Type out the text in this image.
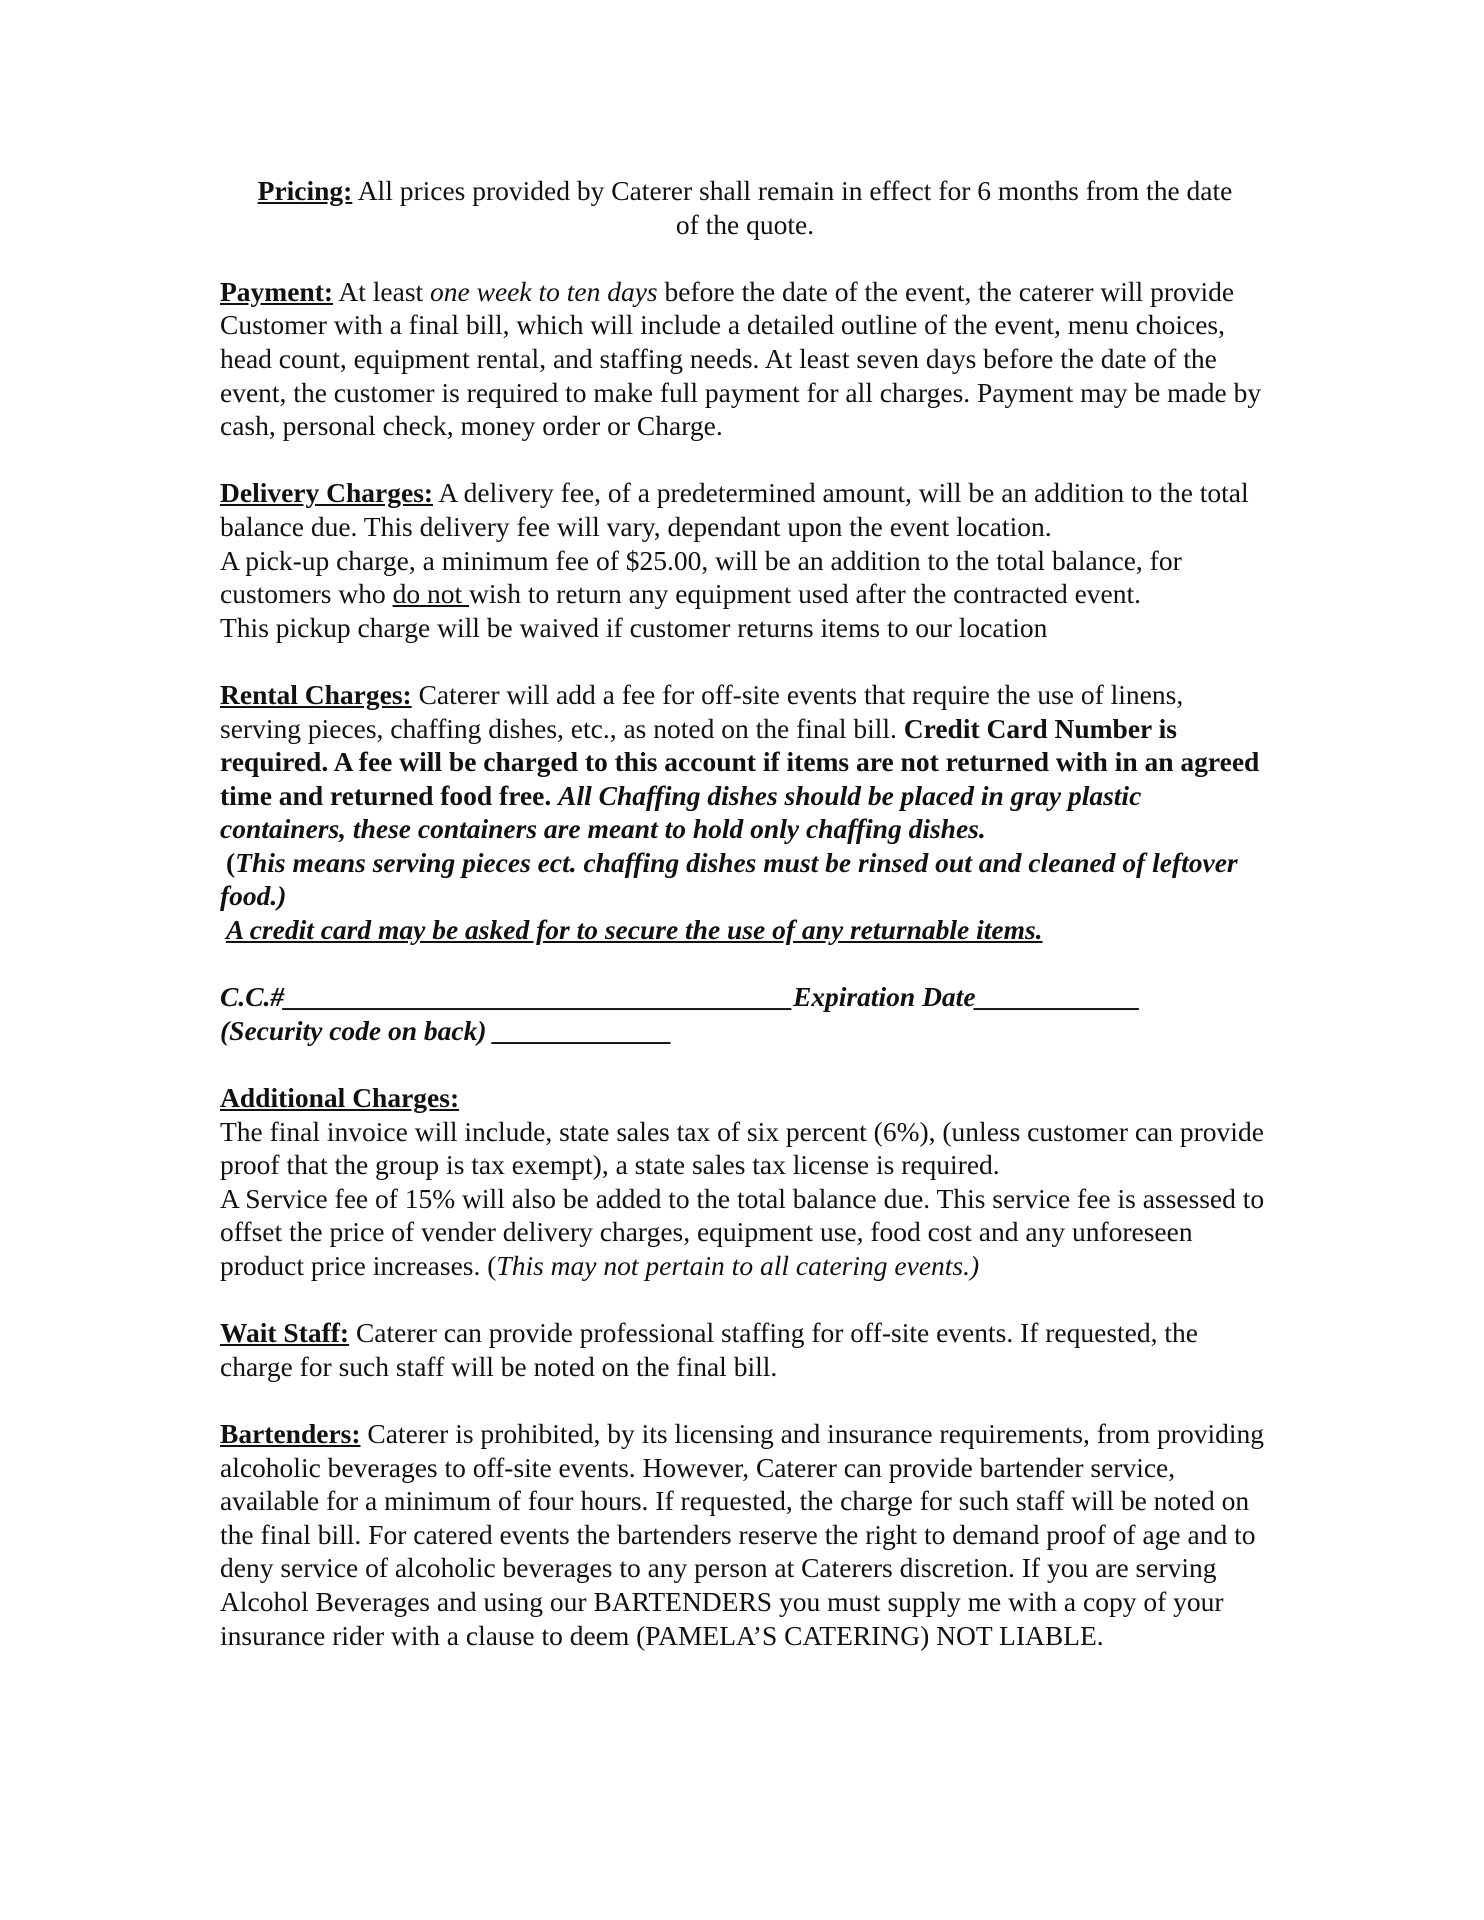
Pricing: All prices provided by Caterer shall remain in effect for 6 months from the date
of the quote.

Payment: At least one week to ten days before the date of the event, the caterer will provide Customer with a final bill, which will include a detailed outline of the event, menu choices, head count, equipment rental, and staffing needs. At least seven days before the date of the event, the customer is required to make full payment for all charges. Payment may be made by cash, personal check, money order or Charge.

Delivery Charges: A delivery fee, of a predetermined amount, will be an addition to the total balance due. This delivery fee will vary, dependant upon the event location.
A pick-up charge, a minimum fee of $25.00, will be an addition to the total balance, for customers who do not wish to return any equipment used after the contracted event.
This pickup charge will be waived if customer returns items to our location

Rental Charges: Caterer will add a fee for off-site events that require the use of linens, serving pieces, chaffing dishes, etc., as noted on the final bill. Credit Card Number is required. A fee will be charged to this account if items are not returned with in an agreed time and returned food free. All Chaffing dishes should be placed in gray plastic containers, these containers are meant to hold only chaffing dishes.
(This means serving pieces ect. chaffing dishes must be rinsed out and cleaned of leftover food.)
A credit card may be asked for to secure the use of any returnable items.

C.C.#_____________________________________Expiration Date____________
(Security code on back) _____________

Additional Charges:
The final invoice will include, state sales tax of six percent (6%), (unless customer can provide proof that the group is tax exempt), a state sales tax license is required.
A Service fee of 15% will also be added to the total balance due. This service fee is assessed to offset the price of vender delivery charges, equipment use, food cost and any unforeseen product price increases. (This may not pertain to all catering events.)

Wait Staff: Caterer can provide professional staffing for off-site events. If requested, the charge for such staff will be noted on the final bill.

Bartenders: Caterer is prohibited, by its licensing and insurance requirements, from providing alcoholic beverages to off-site events. However, Caterer can provide bartender service, available for a minimum of four hours. If requested, the charge for such staff will be noted on the final bill. For catered events the bartenders reserve the right to demand proof of age and to deny service of alcoholic beverages to any person at Caterers discretion. If you are serving Alcohol Beverages and using our BARTENDERS you must supply me with a copy of your insurance rider with a clause to deem (PAMELA’S CATERING) NOT LIABLE.
